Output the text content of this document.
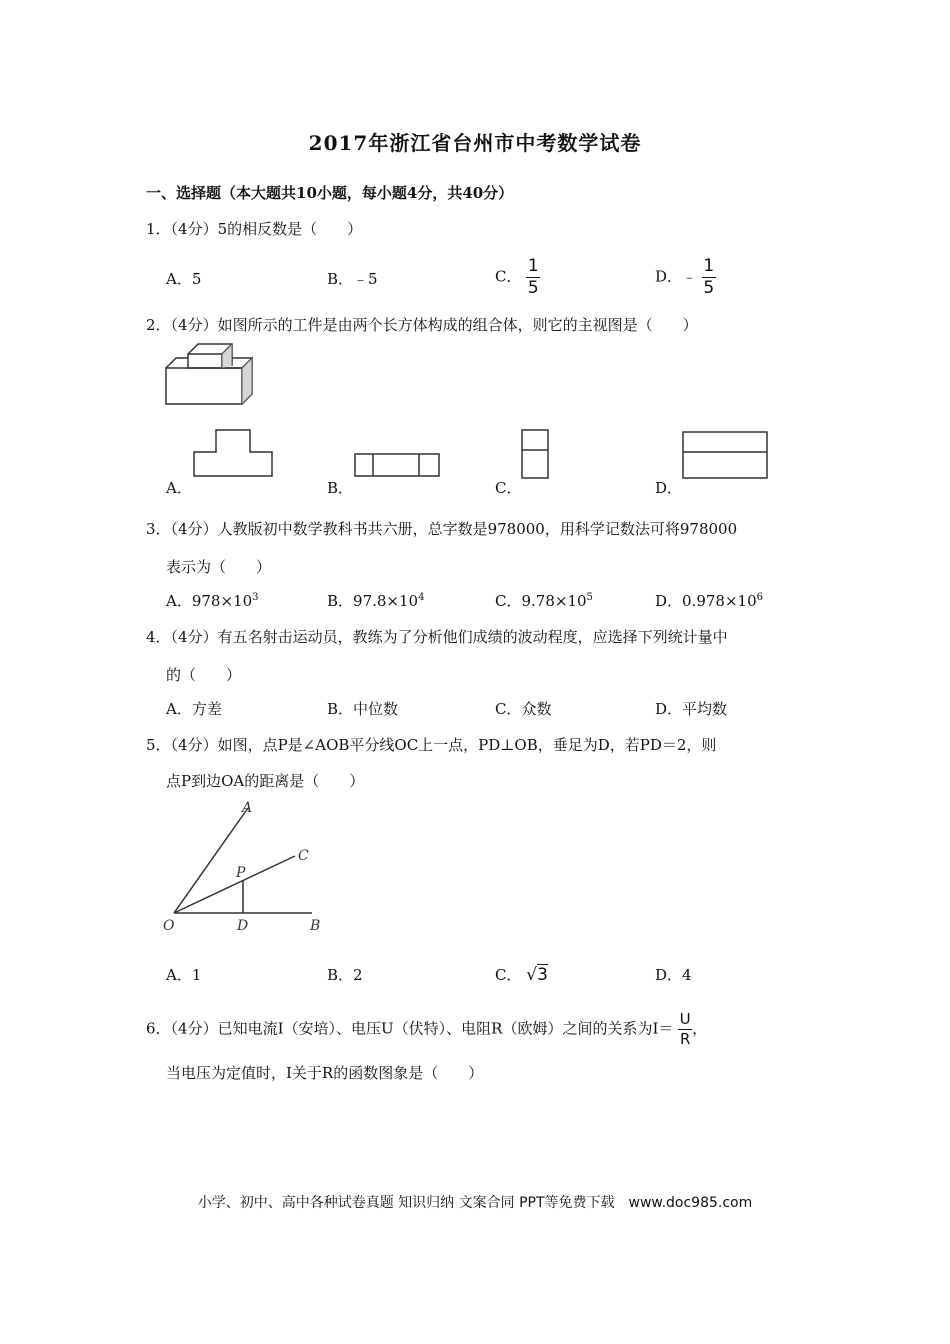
2017年浙江省台州市中考数学试卷
一、选择题（本大题共10小题，每小题4分，共40分）
1．（4分）5的相反数是（　　）
A．5	B．﹣5	C． $\frac{1}{5}$	D．﹣ $\frac{1}{5}$
2．（4分）如图所示的工件是由两个长方体构成的组合体，则它的主视图是（　　）
A．	B．	C．	D．
3．（4分）人教版初中数学教科书共六册，总字数是978000，用科学记数法可将978000
表示为（　　）
A．$978\times 10^3$	B．$97.8\times 10^4$	C．$9.78\times 10^5$	D．$0.978\times 10^6$
4．（4分）有五名射击运动员，教练为了分析他们成绩的波动程度，应选择下列统计量中
的（　　）
A．方差	B．中位数	C．众数	D．平均数
5．（4分）如图，点P是∠AOB平分线OC上一点，PD⊥OB，垂足为D，若PD＝2，则
点P到边OA的距离是（　　）
A
C
P
O	D	B
A．1	B．2	C． √3	D．4
6．（4分）已知电流I（安培）、电压U（伏特）、电阻R（欧姆）之间的关系为$I= \frac{U}{R}$ ，
当电压为定值时，I关于R的函数图象是（　　）
小学、初中、高中各种试卷真题 知识归纳 文案合同 PPT等免费下载　www.doc985.com
